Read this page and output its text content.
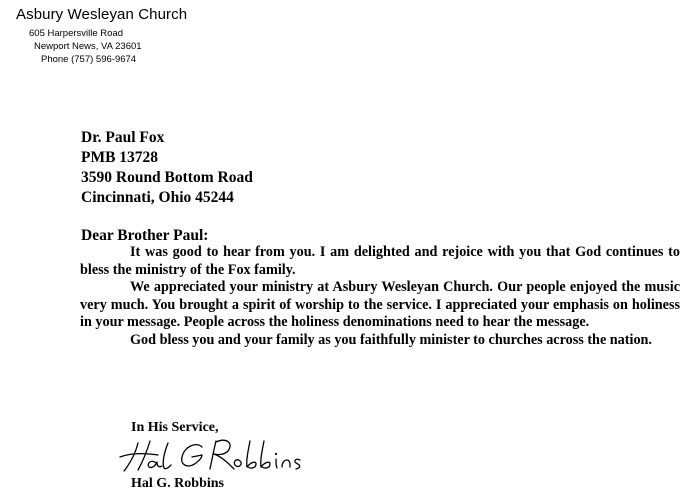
Asbury Wesleyan Church
605 Harpersville Road
Newport News, VA 23601
Phone (757) 596-9674
Dr. Paul Fox
PMB 13728
3590 Round Bottom Road
Cincinnati, Ohio 45244
Dear Brother Paul:

It was good to hear from you. I am delighted and rejoice with you that God continues to bless the ministry of the Fox family.

We appreciated your ministry at Asbury Wesleyan Church. Our people enjoyed the music very much. You brought a spirit of worship to the service. I appreciated your emphasis on holiness in your message. People across the holiness denominations need to hear the message.

God bless you and your family as you faithfully minister to churches across the nation.

In His Service,
Hal G. Robbins
